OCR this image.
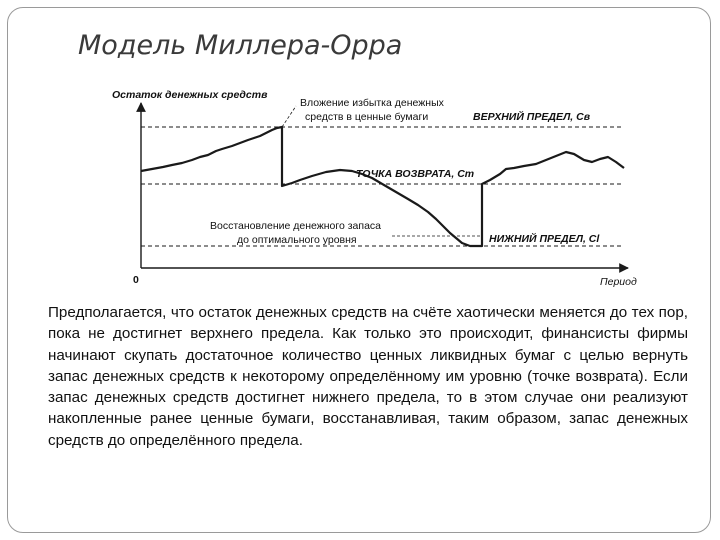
Модель Миллера-Орра
Остаток денежных средств
0	Период
Вложение избытка денежных
средств в ценные бумаги	ВЕРХНИЙ ПРЕДЕЛ, Св
ТОЧКА ВОЗВРАТА, Ст
Восстановление денежного запаса
до оптимального уровня	НИЖНИЙ ПРЕДЕЛ, Сl

Предполагается, что остаток денежных средств на счёте хаотически меняется до тех пор, пока не достигнет верхнего предела. Как только это происходит, финансисты фирмы начинают скупать достаточное количество ценных ликвидных бумаг с целью вернуть запас денежных средств к некоторому определённому им уровню (точке возврата). Если запас денежных средств достигнет нижнего предела, то в этом случае они реализуют накопленные ранее ценные бумаги, восстанавливая, таким образом, запас денежных средств до определённого предела.
